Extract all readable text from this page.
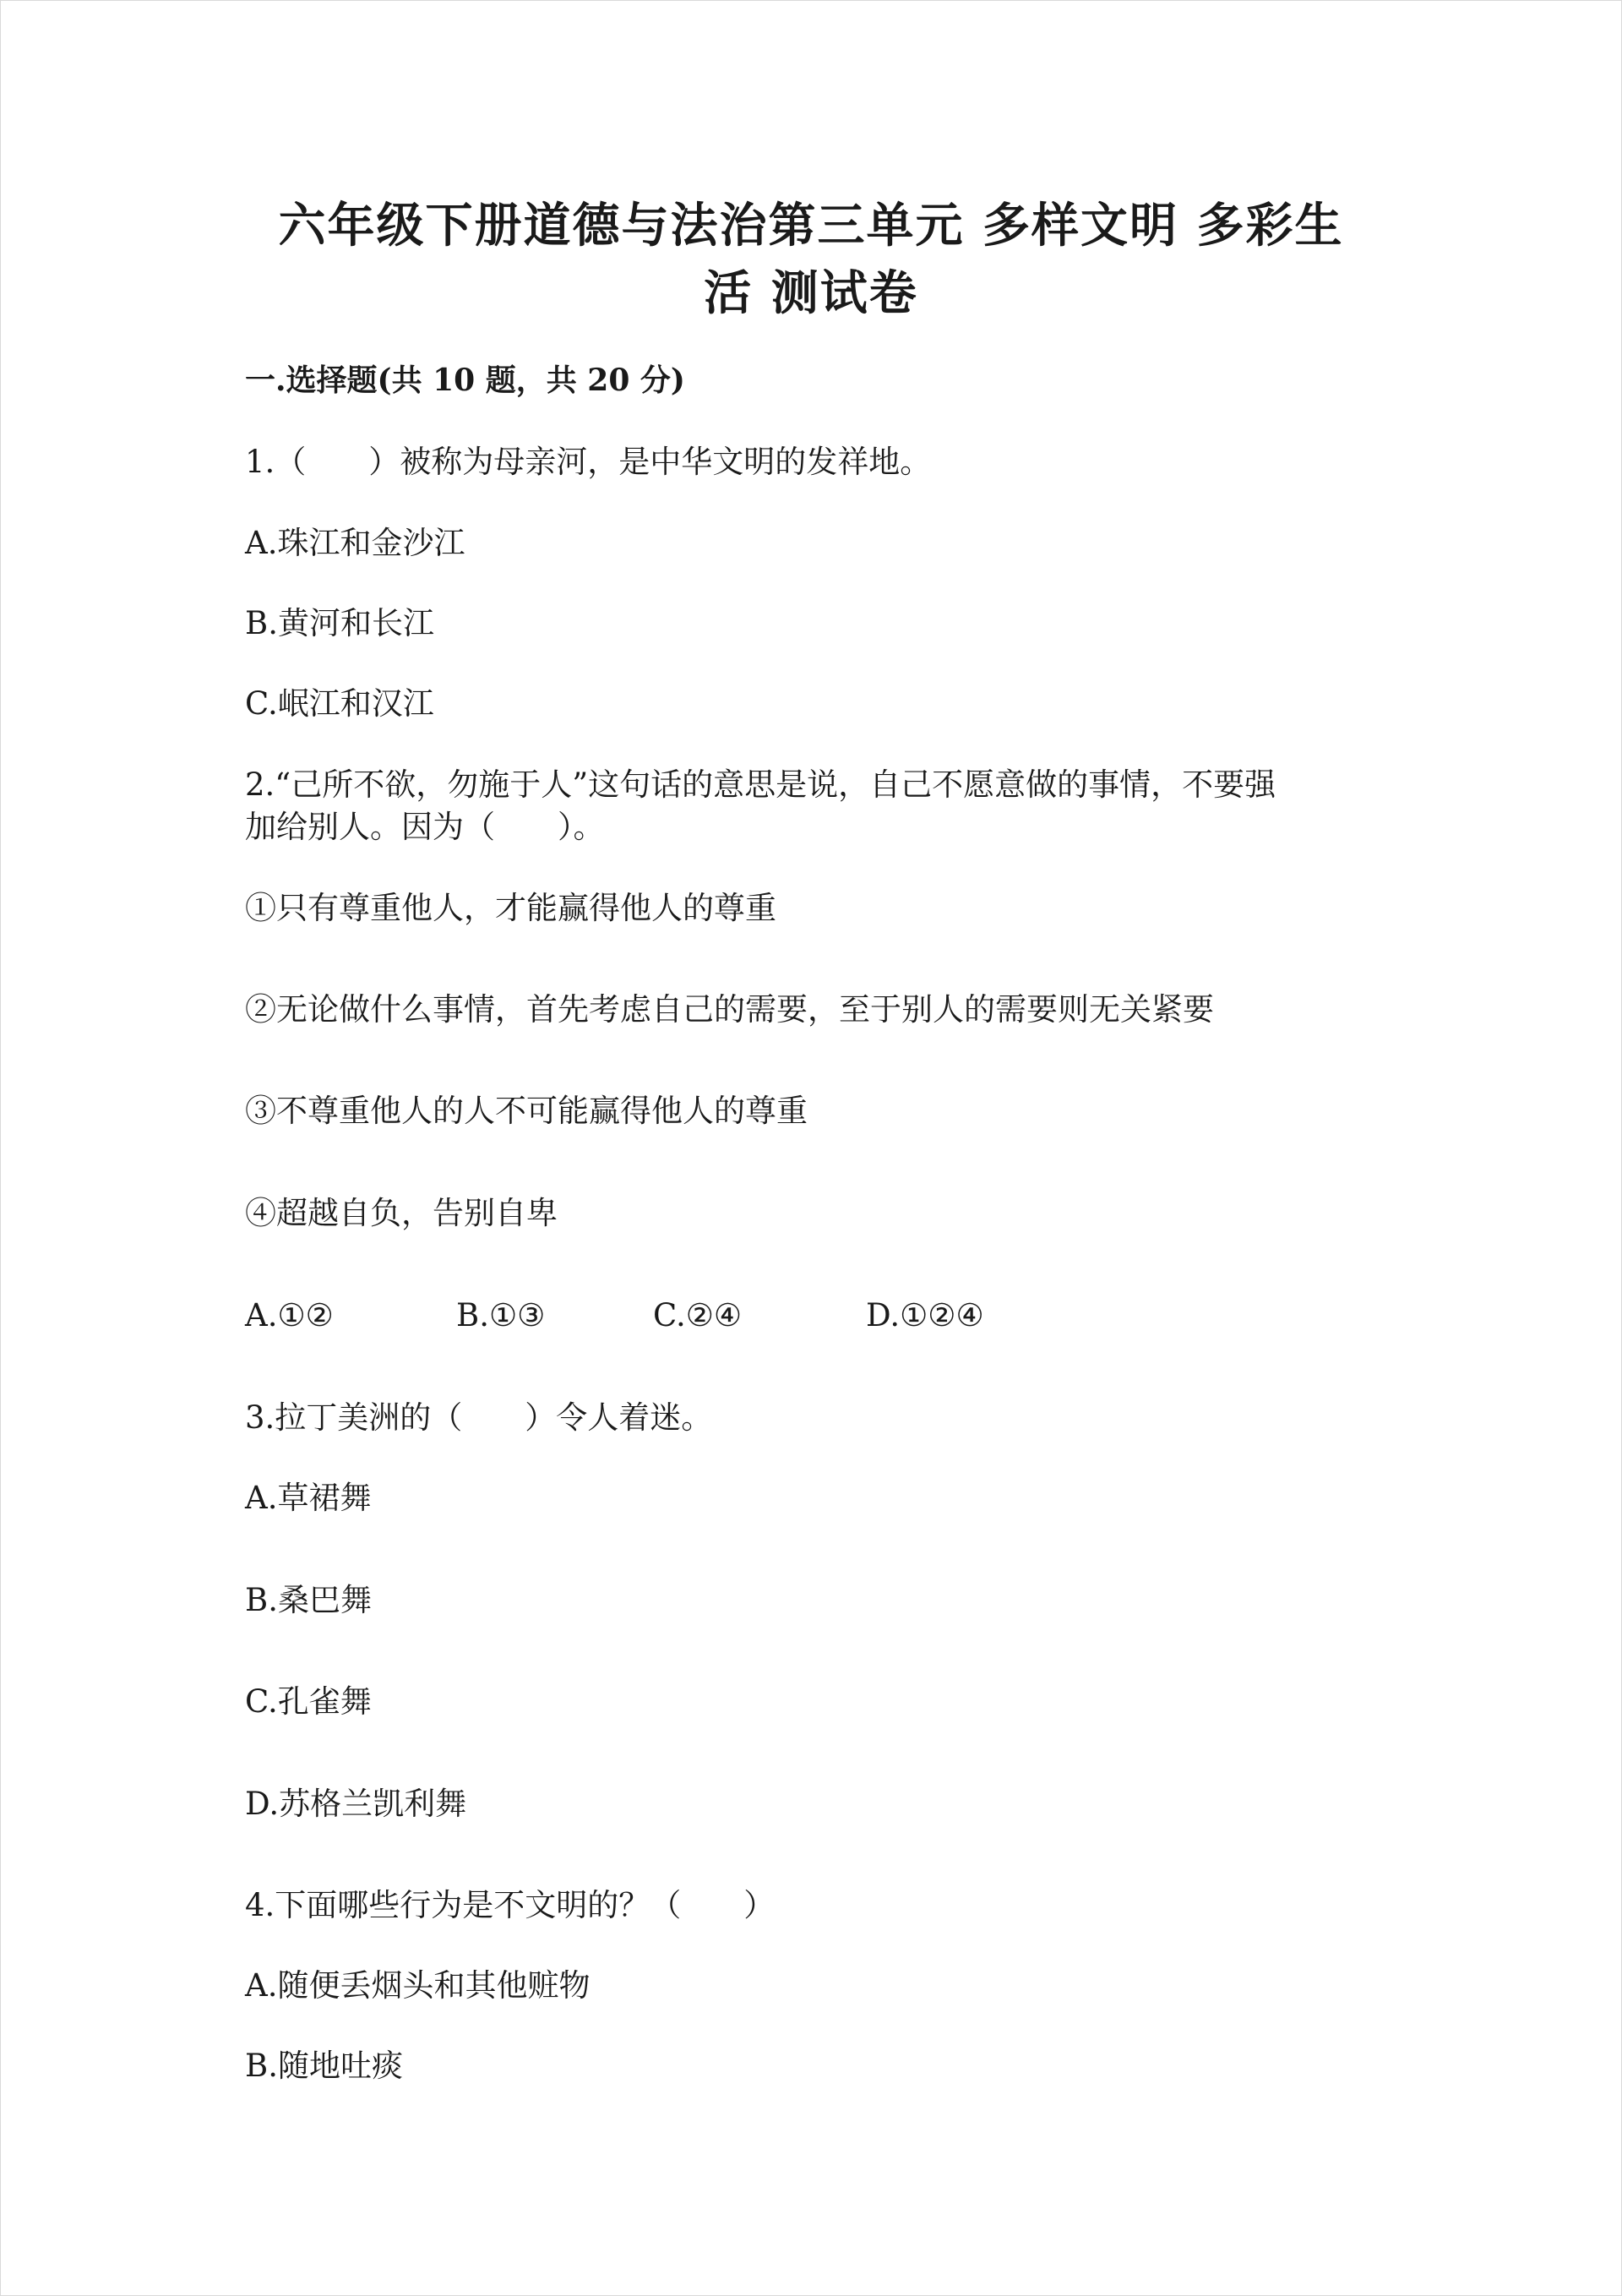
六年级下册道德与法治第三单元 多样文明 多彩生
活 测试卷
一.选择题(共 10 题，共 20 分)
1.（　　）被称为母亲河，是中华文明的发祥地。
A.珠江和金沙江
B.黄河和长江
C.岷江和汉江
2.“己所不欲，勿施于人”这句话的意思是说，自己不愿意做的事情，不要强
加给别人。因为（　　）。
①只有尊重他人，才能赢得他人的尊重
②无论做什么事情，首先考虑自己的需要，至于别人的需要则无关紧要
③不尊重他人的人不可能赢得他人的尊重
④超越自负，告别自卑
A.①②	B.①③	C.②④	D.①②④
3.拉丁美洲的（　　）令人着迷。
A.草裙舞
B.桑巴舞
C.孔雀舞
D.苏格兰凯利舞
4.下面哪些行为是不文明的？（　　）
A.随便丢烟头和其他赃物
B.随地吐痰
